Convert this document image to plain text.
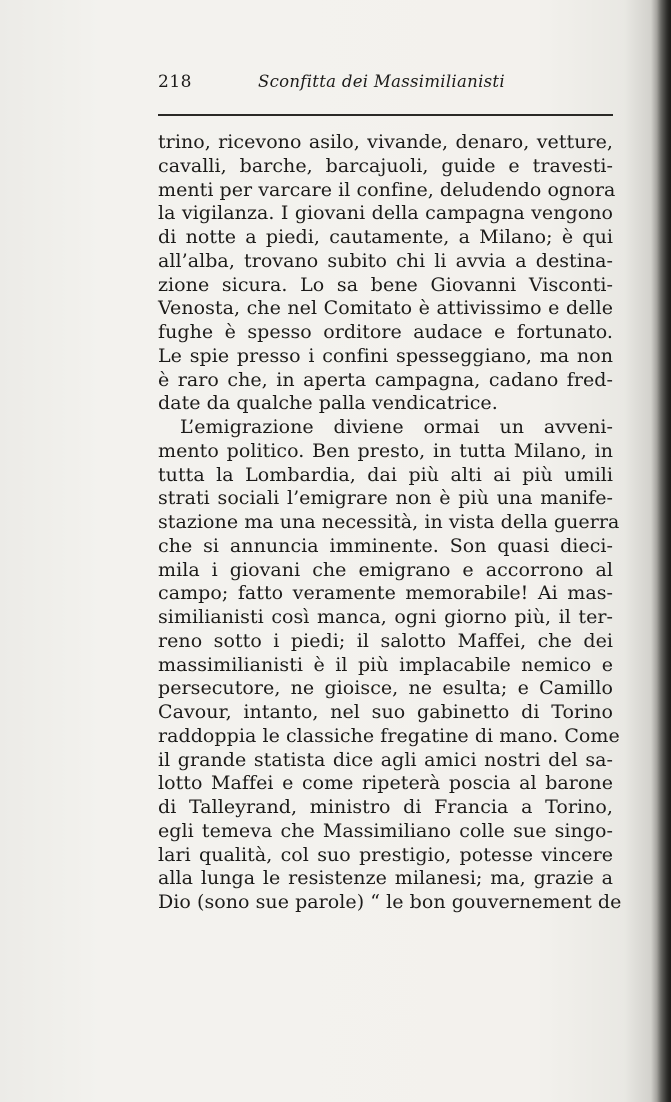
218	Sconfitta dei Massimilianisti
trino, ricevono asilo, vivande, denaro, vetture,
cavalli, barche, barcajuoli, guide e travesti-
menti per varcare il confine, deludendo ognora
la vigilanza. I giovani della campagna vengono
di notte a piedi, cautamente, a Milano; è qui
all’alba, trovano subito chi li avvia a destina-
zione sicura. Lo sa bene Giovanni Visconti-
Venosta, che nel Comitato è attivissimo e delle
fughe è spesso orditore audace e fortunato.
Le spie presso i confini spesseggiano, ma non
è raro che, in aperta campagna, cadano fred-
date da qualche palla vendicatrice.
L’emigrazione diviene ormai un avveni-
mento politico. Ben presto, in tutta Milano, in
tutta la Lombardia, dai più alti ai più umili
strati sociali l’emigrare non è più una manife-
stazione ma una necessità, in vista della guerra
che si annuncia imminente. Son quasi dieci-
mila i giovani che emigrano e accorrono al
campo; fatto veramente memorabile! Ai mas-
similianisti così manca, ogni giorno più, il ter-
reno sotto i piedi; il salotto Maffei, che dei
massimilianisti è il più implacabile nemico e
persecutore, ne gioisce, ne esulta; e Camillo
Cavour, intanto, nel suo gabinetto di Torino
raddoppia le classiche fregatine di mano. Come
il grande statista dice agli amici nostri del sa-
lotto Maffei e come ripeterà poscia al barone
di Talleyrand, ministro di Francia a Torino,
egli temeva che Massimiliano colle sue singo-
lari qualità, col suo prestigio, potesse vincere
alla lunga le resistenze milanesi; ma, grazie a
Dio (sono sue parole) “ le bon gouvernement de
